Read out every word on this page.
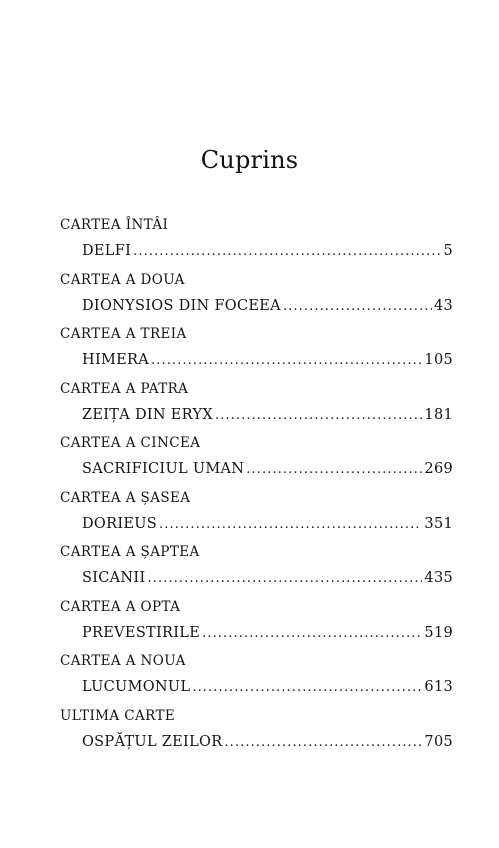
Cuprins
CARTEA ÎNTÂI
DELFI .....	5
CARTEA A DOUA
DIONYSIOS DIN FOCEEA .....	43
CARTEA A TREIA
HIMERA .....	105
CARTEA A PATRA
ZEIȚA DIN ERYX .....	181
CARTEA A CINCEA
SACRIFICIUL UMAN .....	269
CARTEA A ȘASEA
DORIEUS .....	351
CARTEA A ȘAPTEA
SICANII .....	435
CARTEA A OPTA
PREVESTIRILE .....	519
CARTEA A NOUA
LUCUMONUL .....	613
ULTIMA CARTE
OSPĂȚUL ZEILOR .....	705
